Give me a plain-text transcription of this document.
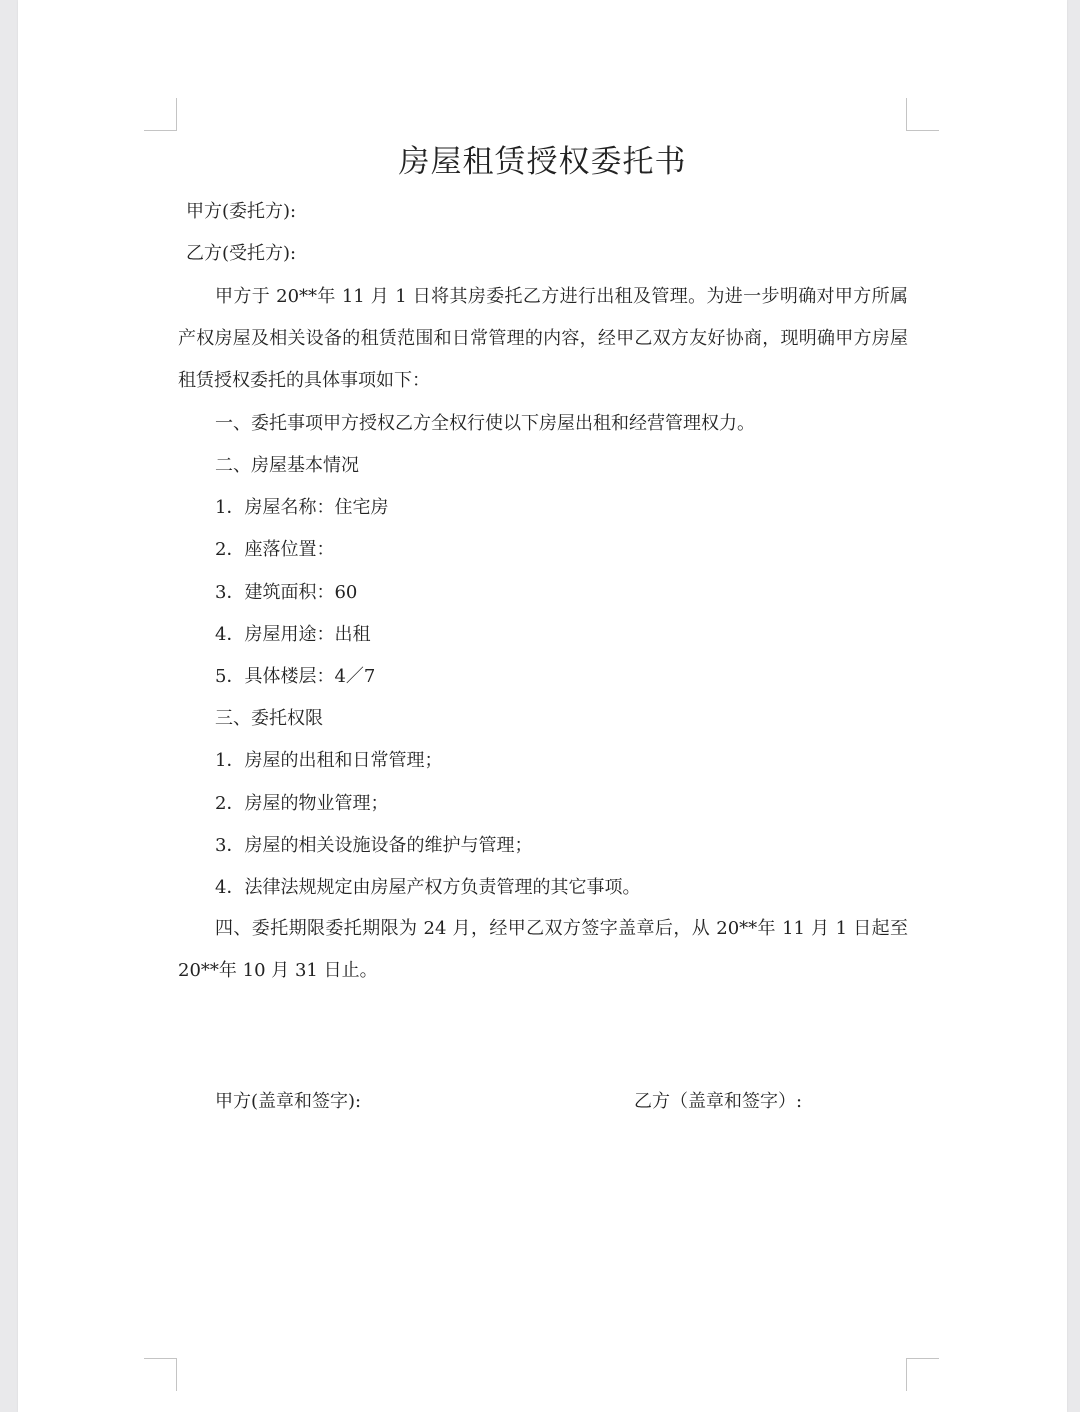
房屋租赁授权委托书
甲方(委托方):
乙方(受托方):
甲方于 20**年 11 月 1 日将其房委托乙方进行出租及管理。为进一步明确对甲方所属产权房屋及相关设备的租赁范围和日常管理的内容，经甲乙双方友好协商，现明确甲方房屋租赁授权委托的具体事项如下：
一、委托事项甲方授权乙方全权行使以下房屋出租和经营管理权力。
二、房屋基本情况
1．房屋名称：住宅房
2．座落位置：
3．建筑面积：60
4．房屋用途：出租
5．具体楼层：4／7
三、委托权限
1．房屋的出租和日常管理；
2．房屋的物业管理；
3．房屋的相关设施设备的维护与管理；
4．法律法规规定由房屋产权方负责管理的其它事项。
四、委托期限委托期限为 24 月，经甲乙双方签字盖章后，从 20**年 11 月 1 日起至 20**年 10 月 31 日止。
甲方(盖章和签字):	乙方（盖章和签字）:
